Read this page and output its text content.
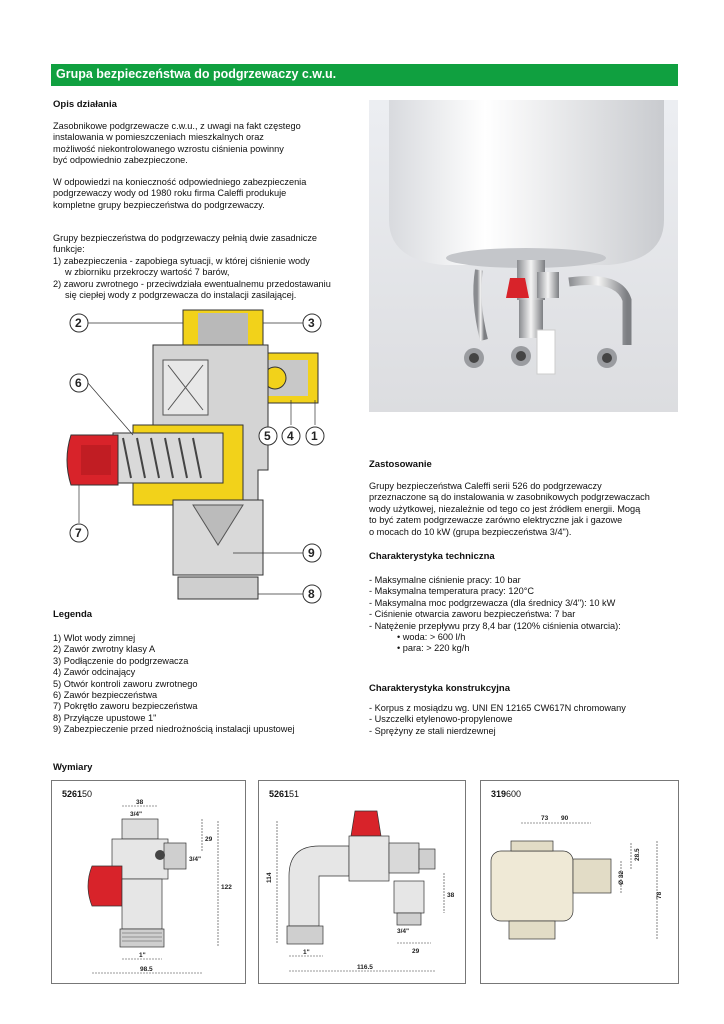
Grupa bezpieczeństwa do podgrzewaczy c.w.u.
Opis działania
Zasobnikowe podgrzewacze c.w.u., z uwagi na fakt częstego
instalowania w pomieszczeniach mieszkalnych oraz
możliwość niekontrolowanego wzrostu ciśnienia powinny
być odpowiednio zabezpieczone.
W odpowiedzi na konieczność odpowiedniego zabezpieczenia
podgrzewaczy wody od 1980 roku firma Caleffi produkuje
kompletne grupy bezpieczeństwa do podgrzewaczy.
Grupy bezpieczeństwa do podgrzewaczy pełnią dwie zasadnicze
funkcje:
1) zabezpieczenia - zapobiega sytuacji, w której ciśnienie wody
w zbiorniku przekroczy wartość 7 barów,
2) zaworu zwrotnego - przeciwdziała ewentualnemu przedostawaniu
się ciepłej wody z podgrzewacza do instalacji zasilającej.
2	3
6
5 4 1
7
9
8
Legenda
1) Wlot wody zimnej
2) Zawór zwrotny klasy A
3) Podłączenie do podgrzewacza
4) Zawór odcinający
5) Otwór kontroli zaworu zwrotnego
6) Zawór bezpieczeństwa
7) Pokrętło zaworu bezpieczeństwa
8) Przyłącze upustowe 1"
9) Zabezpieczenie przed niedrożnością instalacji upustowej
Zastosowanie
Grupy bezpieczeństwa Caleffi serii 526 do podgrzewaczy
przeznaczone są do instalowania w zasobnikowych podgrzewaczach
wody użytkowej, niezależnie od tego co jest źródłem energii. Mogą
to być zatem podgrzewacze zarówno elektryczne jak i gazowe
o mocach do 10 kW (grupa bezpieczeństwa 3/4").
Charakterystyka techniczna
- Maksymalne ciśnienie pracy: 10 bar
- Maksymalna temperatura pracy: 120°C
- Maksymalna moc podgrzewacza (dla średnicy 3/4"): 10 kW
- Ciśnienie otwarcia zaworu bezpieczeństwa: 7 bar
- Natężenie przepływu przy 8,4 bar (120% ciśnienia otwarcia):
• woda: > 600 l/h
• para: > 220 kg/h
Charakterystyka konstrukcyjna
- Korpus z mosiądzu wg. UNI EN 12165 CW617N chromowany
- Uszczelki etylenowo-propylenowe
- Sprężyny ze stali nierdzewnej
Wymiary
526150
38
3/4"
29
3/4"
122
1"
98.5
526151
114
38
3/4"
29
1"
116.5
319600
73 90
28.5
Ø 32
78
